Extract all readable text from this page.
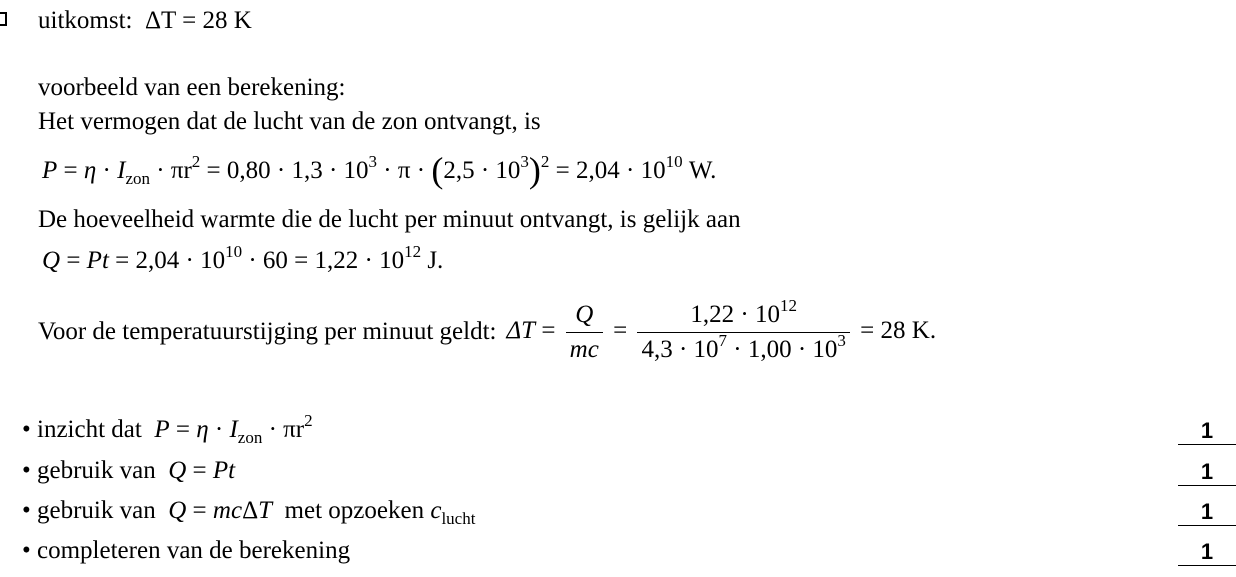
uitkomst: ΔT = 28 K
voorbeeld van een berekening:
Het vermogen dat de lucht van de zon ontvangt, is
$P = \eta \cdot I_{zon} \cdot \pi r^2 = 0,80 \cdot 1,3 \cdot 10^3 \cdot \pi \cdot (2,5 \cdot 10^3)^2 = 2,04 \cdot 10^{10}$ W.
De hoeveelheid warmte die de lucht per minuut ontvangt, is gelijk aan
$Q = Pt = 2,04 \cdot 10^{10} \cdot 60 = 1,22 \cdot 10^{12}$ J.
Voor de temperatuurstijging per minuut geldt: $\Delta T = \frac{Q}{mc} = \frac{1,22 \cdot 10^{12}}{4,3 \cdot 10^7 \cdot 1,00 \cdot 10^3} = 28$ K.
• inzicht dat  $P = \eta \cdot I_{zon} \cdot \pi r^2$	1
• gebruik van  Q = Pt	1
• gebruik van  Q = mcΔT  met opzoeken $c_{lucht}$	1
• completeren van de berekening	1
